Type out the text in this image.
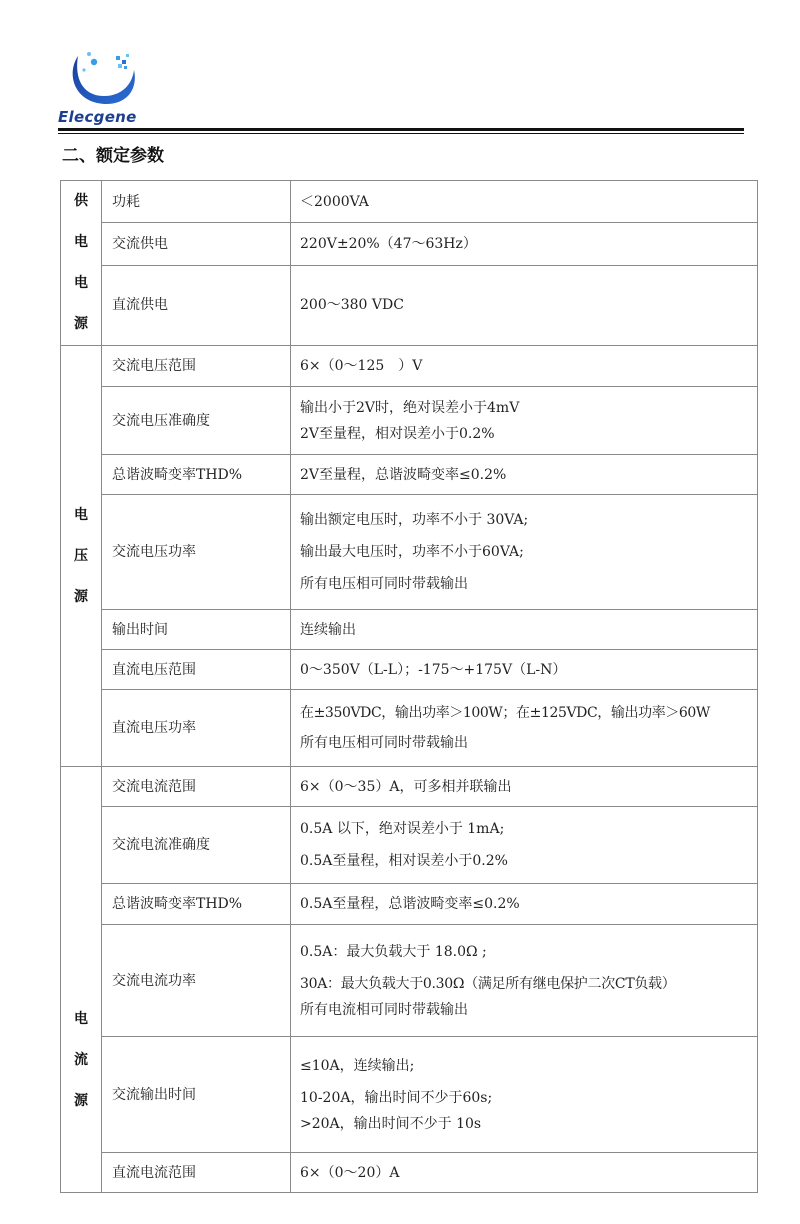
Elecgene
二、额定参数
供
电
电
源	功耗	＜2000VA

	交流供电	220V±20%（47～63Hz）

	直流供电	200～380 VDC

电
压
源	交流电压范围	6×（0～125　）V

	交流电压准确度	输出小于2V时，绝对误差小于4mV
2V至量程，相对误差小于0.2%

	总谐波畸变率THD%	2V至量程，总谐波畸变率≤0.2%

	交流电压功率	输出额定电压时，功率不小于 30VA;
输出最大电压时，功率不小于60VA;
所有电压相可同时带载输出

	输出时间	连续输出

	直流电压范围	0～350V（L-L）；-175～+175V（L-N）

	直流电压功率	在±350VDC，输出功率＞100W；在±125VDC，输出功率＞60W
所有电压相可同时带载输出

电
流
源	交流电流范围	6×（0～35）A，可多相并联输出

	交流电流准确度	0.5A 以下，绝对误差小于 1mA;
0.5A至量程，相对误差小于0.2%

	总谐波畸变率THD%	0.5A至量程，总谐波畸变率≤0.2%

	交流电流功率	0.5A：最大负载大于 18.0Ω ;
30A：最大负载大于0.30Ω（满足所有继电保护二次CT负载）
所有电流相可同时带载输出

	交流输出时间	≤10A，连续输出;
10-20A，输出时间不少于60s;
>20A，输出时间不少于 10s

	直流电流范围	6×（0～20）A
